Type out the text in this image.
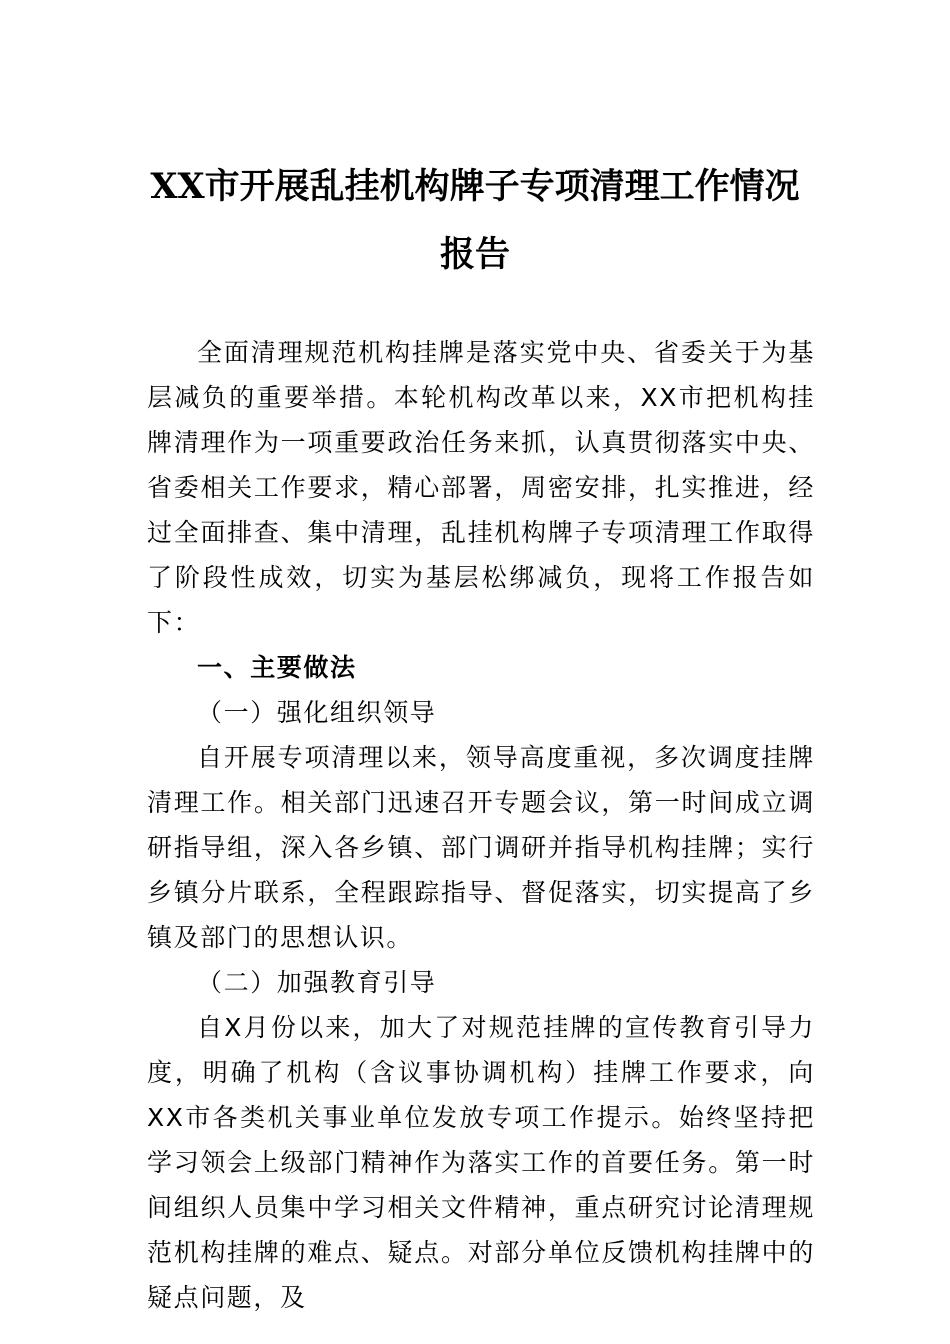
XX市开展乱挂机构牌子专项清理工作情况
报告

全面清理规范机构挂牌是落实党中央、省委关于为基层减负的重要举措。本轮机构改革以来，XX市把机构挂牌清理作为一项重要政治任务来抓，认真贯彻落实中央、省委相关工作要求，精心部署，周密安排，扎实推进，经过全面排查、集中清理，乱挂机构牌子专项清理工作取得了阶段性成效，切实为基层松绑减负，现将工作报告如下：

一、主要做法

（一）强化组织领导

自开展专项清理以来，领导高度重视，多次调度挂牌清理工作。相关部门迅速召开专题会议，第一时间成立调研指导组，深入各乡镇、部门调研并指导机构挂牌；实行乡镇分片联系，全程跟踪指导、督促落实，切实提高了乡镇及部门的思想认识。

（二）加强教育引导

自X月份以来，加大了对规范挂牌的宣传教育引导力度，明确了机构（含议事协调机构）挂牌工作要求，向XX市各类机关事业单位发放专项工作提示。始终坚持把学习领会上级部门精神作为落实工作的首要任务。第一时间组织人员集中学习相关文件精神，重点研究讨论清理规范机构挂牌的难点、疑点。对部分单位反馈机构挂牌中的疑点问题，及
